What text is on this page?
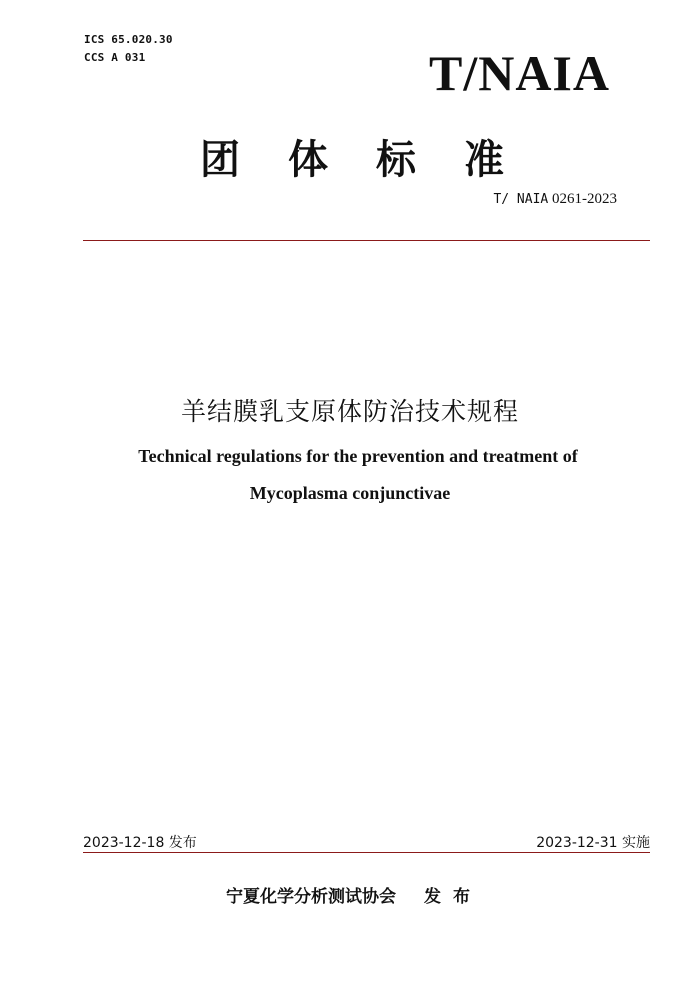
ICS 65.020.30
CCS A 031	T/NAIA
团体标准
T/ NAIA 0261-2023
羊结膜乳支原体防治技术规程
Technical regulations for the prevention and treatment of
Mycoplasma conjunctivae
2023-12-18 发布	2023-12-31 实施
宁夏化学分析测试协会 发布
